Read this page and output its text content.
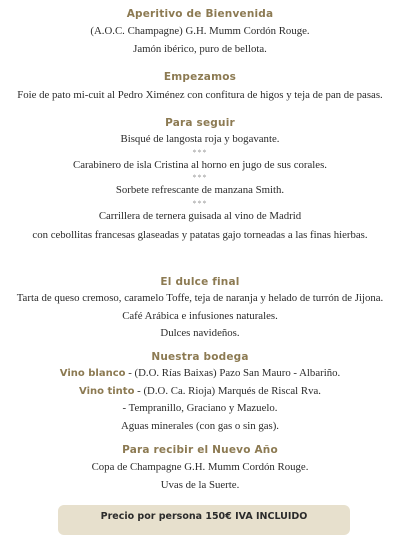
Aperitivo de Bienvenida
(A.O.C. Champagne) G.H. Mumm Cordón Rouge.
Jamón ibérico, puro de bellota.
Empezamos
Foie de pato mi-cuit al Pedro Ximénez con confitura de higos y teja de pan de pasas.
Para seguir
Bisqué de langosta roja y bogavante.
***
Carabinero de isla Cristina al horno en jugo de sus corales.
***
Sorbete refrescante de manzana Smith.
***
Carrillera de ternera guisada al vino de Madrid
con cebollitas francesas glaseadas y patatas gajo torneadas a las finas hierbas.
El dulce final
Tarta de queso cremoso, caramelo Toffe, teja de naranja y helado de turrón de Jijona.
Café Arábica e infusiones naturales.
Dulces navideños.
Nuestra bodega
Vino blanco - (D.O. Rías Baixas) Pazo San Mauro - Albariño.
Vino tinto - (D.O. Ca. Rioja) Marqués de Riscal Rva.
- Tempranillo, Graciano y Mazuelo.
Aguas minerales (con gas o sin gas).
Para recibir el Nuevo Año
Copa de Champagne G.H. Mumm Cordón Rouge.
Uvas de la Suerte.
Precio por persona 150€ IVA INCLUIDO
